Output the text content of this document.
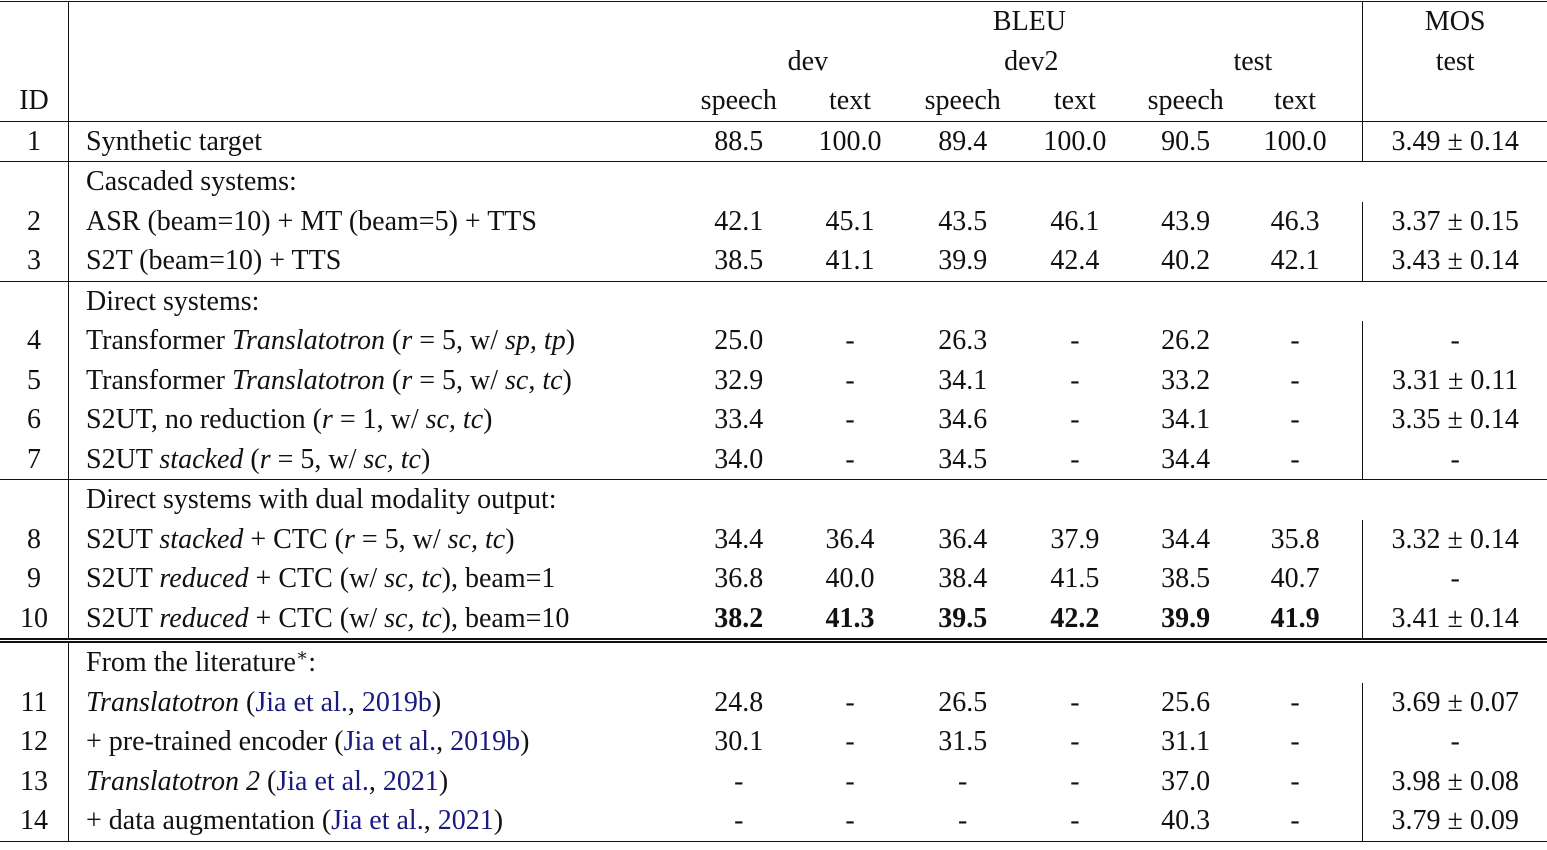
		BLEU						MOS
		dev		dev2		test		test
ID		speech	text	speech	text	speech	text	
1	Synthetic target	88.5	100.0	89.4	100.0	90.5	100.0	3.49 ± 0.14
	Cascaded systems:							
2	ASR (beam=10) + MT (beam=5) + TTS	42.1	45.1	43.5	46.1	43.9	46.3	3.37 ± 0.15
3	S2T (beam=10) + TTS	38.5	41.1	39.9	42.4	40.2	42.1	3.43 ± 0.14
	Direct systems:							
4	Transformer Translatotron (r = 5, w/ sp, tp)	25.0	-	26.3	-	26.2	-	-
5	Transformer Translatotron (r = 5, w/ sc, tc)	32.9	-	34.1	-	33.2	-	3.31 ± 0.11
6	S2UT, no reduction (r = 1, w/ sc, tc)	33.4	-	34.6	-	34.1	-	3.35 ± 0.14
7	S2UT stacked (r = 5, w/ sc, tc)	34.0	-	34.5	-	34.4	-	-
	Direct systems with dual modality output:							
8	S2UT stacked + CTC (r = 5, w/ sc, tc)	34.4	36.4	36.4	37.9	34.4	35.8	3.32 ± 0.14
9	S2UT reduced + CTC (w/ sc, tc), beam=1	36.8	40.0	38.4	41.5	38.5	40.7	-
10	S2UT reduced + CTC (w/ sc, tc), beam=10	38.2	41.3	39.5	42.2	39.9	41.9	3.41 ± 0.14
	From the literature∗:							
11	Translatotron (Jia et al., 2019b)	24.8	-	26.5	-	25.6	-	3.69 ± 0.07
12	+ pre-trained encoder (Jia et al., 2019b)	30.1	-	31.5	-	31.1	-	-
13	Translatotron 2 (Jia et al., 2021)	-	-	-	-	37.0	-	3.98 ± 0.08
14	+ data augmentation (Jia et al., 2021)	-	-	-	-	40.3	-	3.79 ± 0.09
